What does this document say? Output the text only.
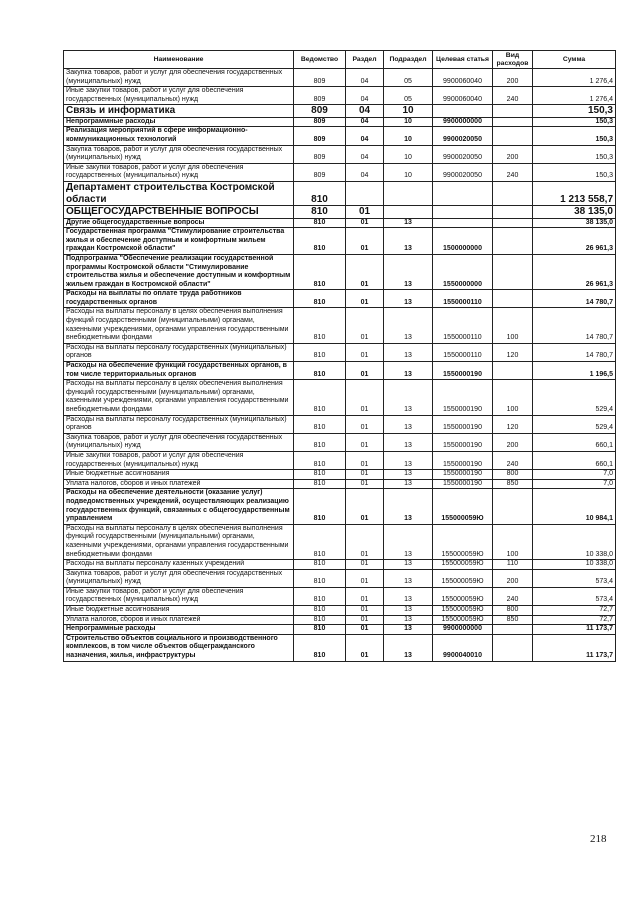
Наименование	Ведомство	Раздел	Подраздел	Целевая статья	Вид расходов	Сумма
Закупка товаров, работ и услуг для обеспечения государственных (муниципальных) нужд	809	04	05	9900060040	200	1 276,4
Иные закупки товаров, работ и услуг для обеспечения государственных (муниципальных) нужд	809	04	05	9900060040	240	1 276,4
Связь и информатика	809	04	10			150,3
Непрограммные расходы	809	04	10	9900000000		150,3
Реализация мероприятий в сфере информационно-коммуникационных технологий	809	04	10	9900020050		150,3
Закупка товаров, работ и услуг для обеспечения государственных (муниципальных) нужд	809	04	10	9900020050	200	150,3
Иные закупки товаров, работ и услуг для обеспечения государственных (муниципальных) нужд	809	04	10	9900020050	240	150,3
Департамент строительства Костромской области	810					1 213 558,7
ОБЩЕГОСУДАРСТВЕННЫЕ ВОПРОСЫ	810	01				38 135,0
Другие общегосударственные вопросы	810	01	13			38 135,0
Государственная программа "Стимулирование строительства жилья и обеспечение доступным и комфортным жильем граждан Костромской области"	810	01	13	1500000000		26 961,3
Подпрограмма "Обеспечение реализации государственной программы Костромской области "Стимулирование строительства жилья и обеспечение доступным и комфортным жильем граждан в Костромской области"	810	01	13	1550000000		26 961,3
Расходы на выплаты по оплате труда работников государственных органов	810	01	13	1550000110		14 780,7
Расходы на выплаты персоналу в целях обеспечения выполнения функций государственными (муниципальными) органами, казенными учреждениями, органами управления государственными внебюджетными фондами	810	01	13	1550000110	100	14 780,7
Расходы на выплаты персоналу государственных (муниципальных) органов	810	01	13	1550000110	120	14 780,7
Расходы на обеспечение функций государственных органов, в том числе территориальных органов	810	01	13	1550000190		1 196,5
Расходы на выплаты персоналу в целях обеспечения выполнения функций государственными (муниципальными) органами, казенными учреждениями, органами управления государственными внебюджетными фондами	810	01	13	1550000190	100	529,4
Расходы на выплаты персоналу государственных (муниципальных) органов	810	01	13	1550000190	120	529,4
Закупка товаров, работ и услуг для обеспечения государственных (муниципальных) нужд	810	01	13	1550000190	200	660,1
Иные закупки товаров, работ и услуг для обеспечения государственных (муниципальных) нужд	810	01	13	1550000190	240	660,1
Иные бюджетные ассигнования	810	01	13	1550000190	800	7,0
Уплата налогов, сборов и иных платежей	810	01	13	1550000190	850	7,0
Расходы на обеспечение деятельности (оказание услуг) подведомственных учреждений, осуществляющих реализацию государственных функций, связанных с общегосударственным управлением	810	01	13	155000059Ю		10 984,1
Расходы на выплаты персоналу в целях обеспечения выполнения функций государственными (муниципальными) органами, казенными учреждениями, органами управления государственными внебюджетными фондами	810	01	13	155000059Ю	100	10 338,0
Расходы на выплаты персоналу казенных учреждений	810	01	13	155000059Ю	110	10 338,0
Закупка товаров, работ и услуг для обеспечения государственных (муниципальных) нужд	810	01	13	155000059Ю	200	573,4
Иные закупки товаров, работ и услуг для обеспечения государственных (муниципальных) нужд	810	01	13	155000059Ю	240	573,4
Иные бюджетные ассигнования	810	01	13	155000059Ю	800	72,7
Уплата налогов, сборов и иных платежей	810	01	13	155000059Ю	850	72,7
Непрограммные расходы	810	01	13	9900000000		11 173,7
Строительство объектов социального и производственного комплексов, в том числе объектов общегражданского назначения, жилья, инфраструктуры	810	01	13	9900040010		11 173,7
218
